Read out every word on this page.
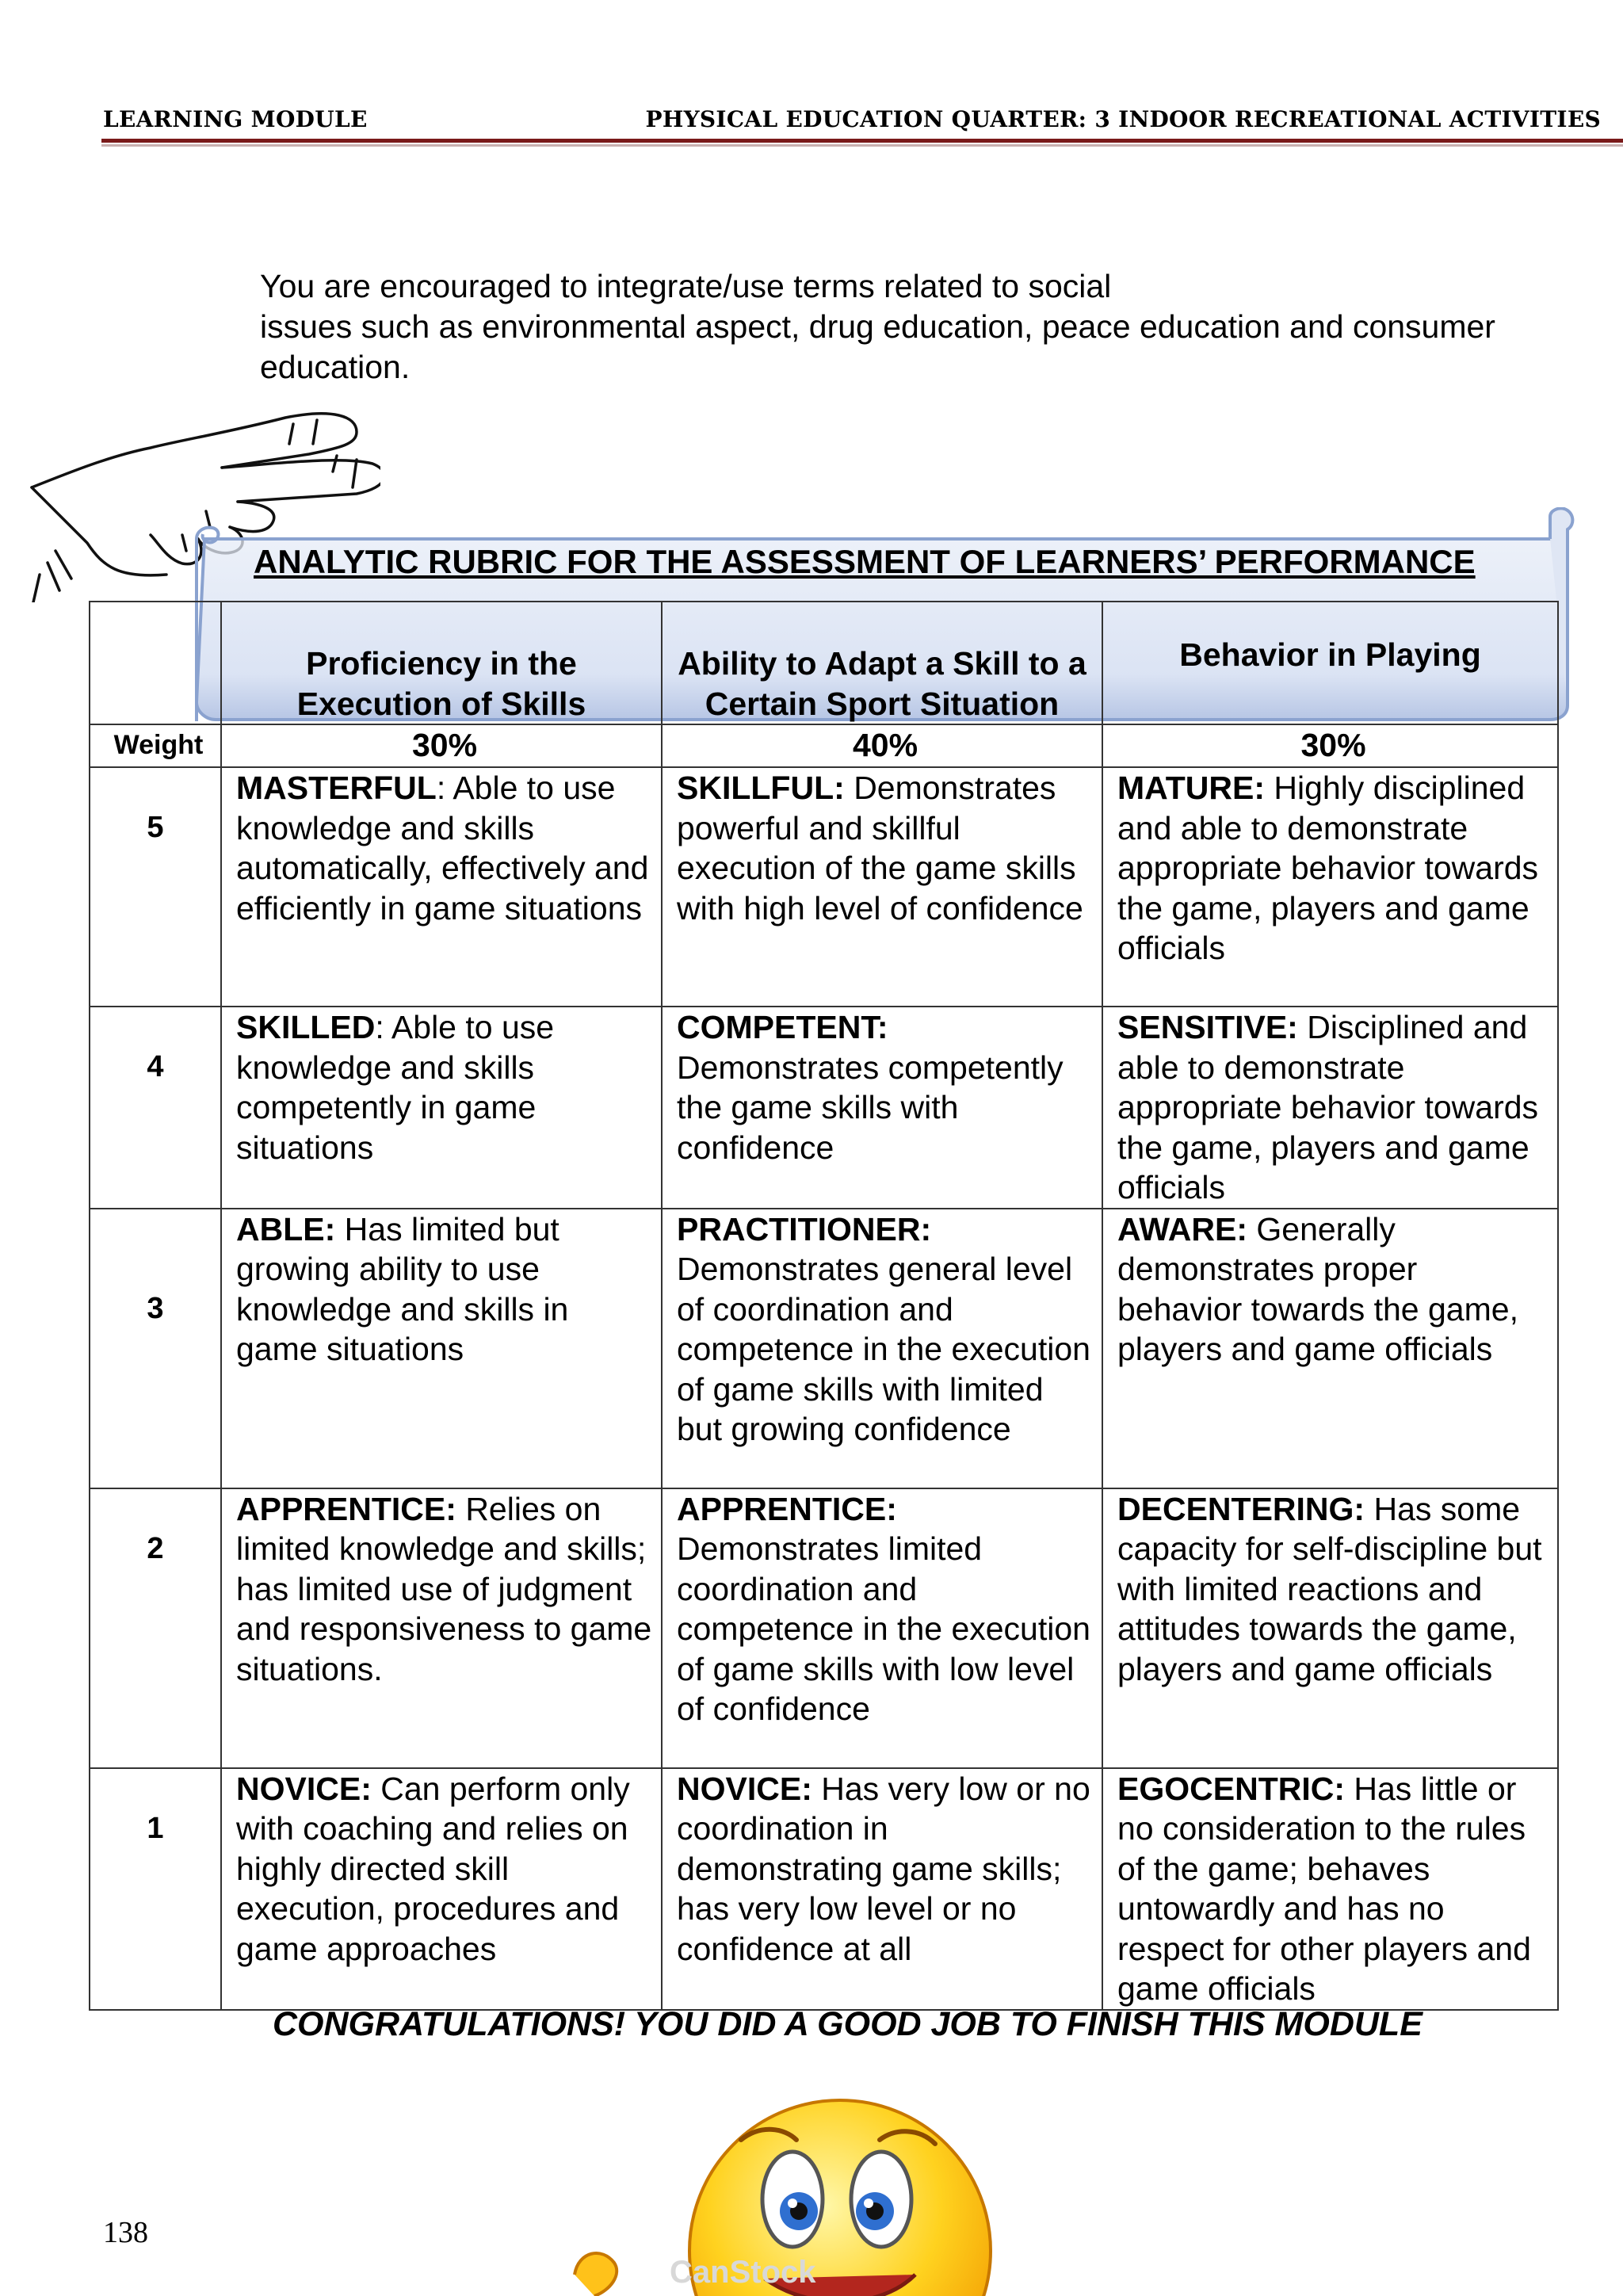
LEARNING MODULE	PHYSICAL EDUCATION QUARTER: 3 INDOOR RECREATIONAL ACTIVITIES
You are encouraged to integrate/use terms related to social
issues such as environmental aspect, drug education, peace education and consumer education.
ANALYTIC RUBRIC FOR THE ASSESSMENT OF LEARNERS’ PERFORMANCE
	Proficiency in the Execution of Skills	Ability to Adapt a Skill to a Certain Sport Situation	Behavior in Playing
Weight	30%	40%	30%

5	MASTERFUL: Able to use knowledge and skills automatically, effectively and efficiently in game situations	SKILLFUL: Demonstrates powerful and skillful execution of the game skills with high level of confidence	MATURE: Highly disciplined and able to demonstrate appropriate behavior towards the game, players and game officials

4	SKILLED: Able to use knowledge and skills competently in game situations	COMPETENT: Demonstrates competently the game skills with confidence	SENSITIVE: Disciplined and able to demonstrate appropriate behavior towards the game, players and game officials

3	ABLE: Has limited but growing ability to use knowledge and skills in game situations	PRACTITIONER: Demonstrates general level of coordination and competence in the execution of game skills with limited but growing confidence	AWARE: Generally demonstrates proper behavior towards the game, players and game officials

2	APPRENTICE: Relies on limited knowledge and skills; has limited use of judgment and responsiveness to game situations.	APPRENTICE: Demonstrates limited coordination and competence in the execution of game skills with low level of confidence	DECENTERING: Has some capacity for self-discipline but with limited reactions and attitudes towards the game, players and game officials

1	NOVICE: Can perform only with coaching and relies on highly directed skill execution, procedures and game approaches	NOVICE: Has very low or no coordination in demonstrating game skills; has very low level or no confidence at all	EGOCENTRIC: Has little or no consideration to the rules of the game; behaves untowardly and has no respect for other players and game officials
CONGRATULATIONS! YOU DID A GOOD JOB TO FINISH THIS MODULE
CanStock
138
